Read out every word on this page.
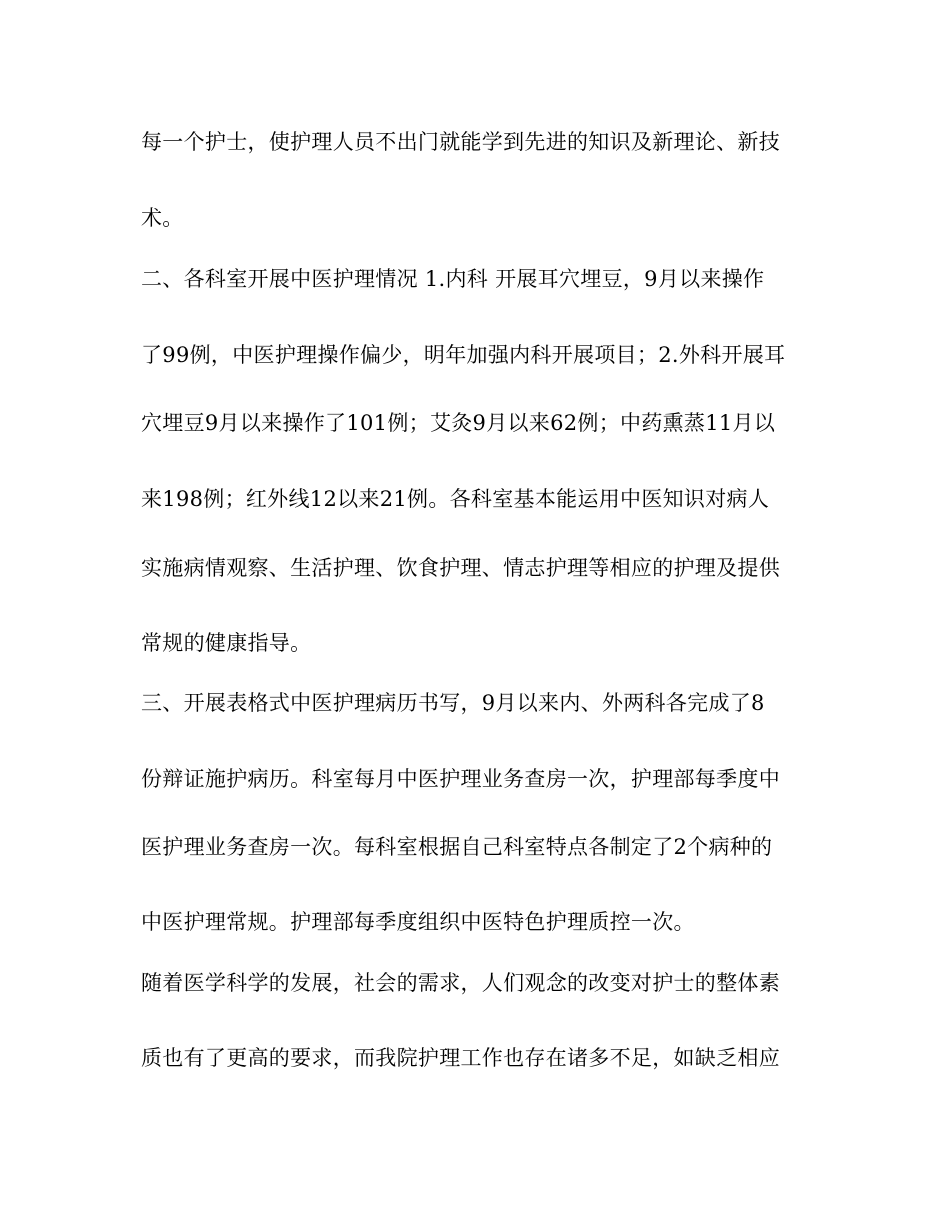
每一个护士，使护理人员不出门就能学到先进的知识及新理论、新技
术。
二、各科室开展中医护理情况 1.内科 开展耳穴埋豆，9月以来操作
了99例，中医护理操作偏少，明年加强内科开展项目；2.外科开展耳
穴埋豆9月以来操作了101例；艾灸9月以来62例；中药熏蒸11月以
来198例；红外线12以来21例。各科室基本能运用中医知识对病人
实施病情观察、生活护理、饮食护理、情志护理等相应的护理及提供
常规的健康指导。
三、开展表格式中医护理病历书写，9月以来内、外两科各完成了8
份辩证施护病历。科室每月中医护理业务查房一次，护理部每季度中
医护理业务查房一次。每科室根据自己科室特点各制定了2个病种的
中医护理常规。护理部每季度组织中医特色护理质控一次。
随着医学科学的发展，社会的需求，人们观念的改变对护士的整体素
质也有了更高的要求，而我院护理工作也存在诸多不足，如缺乏相应
